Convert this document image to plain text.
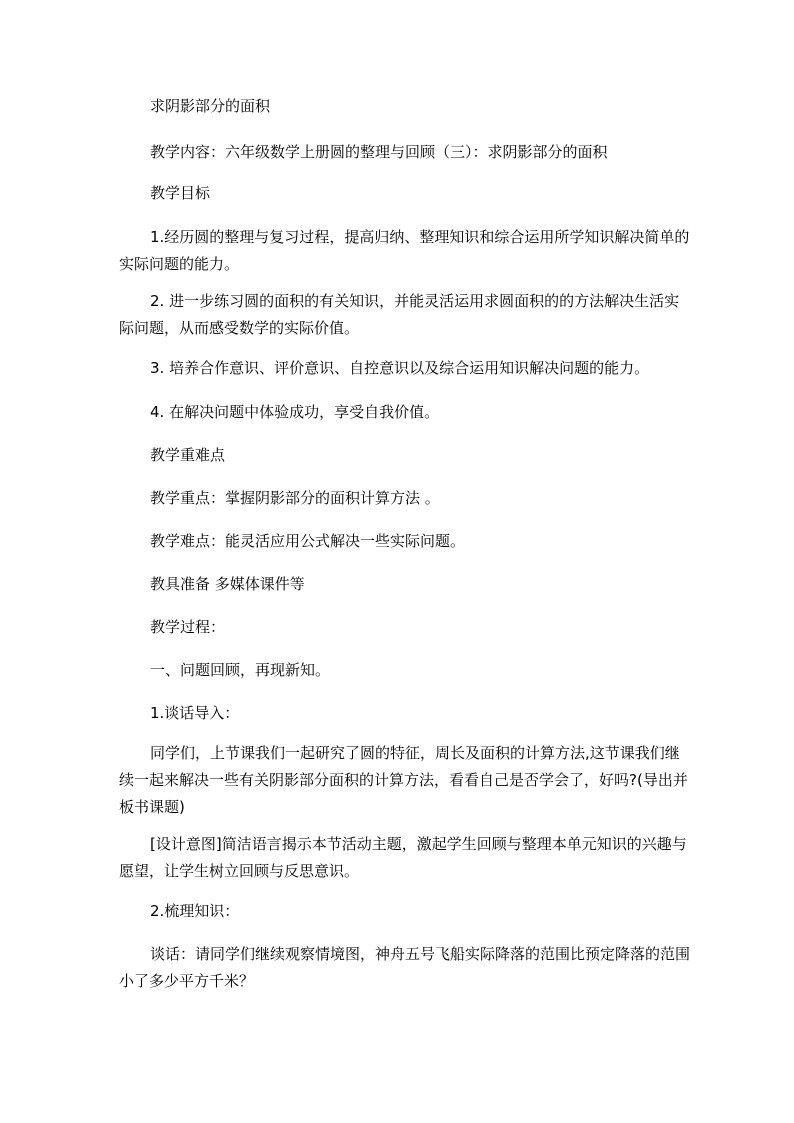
求阴影部分的面积
教学内容：六年级数学上册圆的整理与回顾（三）：求阴影部分的面积
教学目标
1.经历圆的整理与复习过程，提高归纳、整理知识和综合运用所学知识解决简单的实际问题的能力。
2. 进一步练习圆的面积的有关知识，并能灵活运用求圆面积的的方法解决生活实际问题，从而感受数学的实际价值。
3. 培养合作意识、评价意识、自控意识以及综合运用知识解决问题的能力。
4. 在解决问题中体验成功，享受自我价值。
教学重难点
教学重点：掌握阴影部分的面积计算方法 。
教学难点：能灵活应用公式解决一些实际问题。
教具准备 多媒体课件等
教学过程：
一、问题回顾，再现新知。
1.谈话导入：
同学们，上节课我们一起研究了圆的特征，周长及面积的计算方法,这节课我们继续一起来解决一些有关阴影部分面积的计算方法，看看自己是否学会了，好吗?(导出并板书课题)
[设计意图]简洁语言揭示本节活动主题，激起学生回顾与整理本单元知识的兴趣与愿望，让学生树立回顾与反思意识。
2.梳理知识：
谈话：请同学们继续观察情境图，神舟五号飞船实际降落的范围比预定降落的范围小了多少平方千米？
